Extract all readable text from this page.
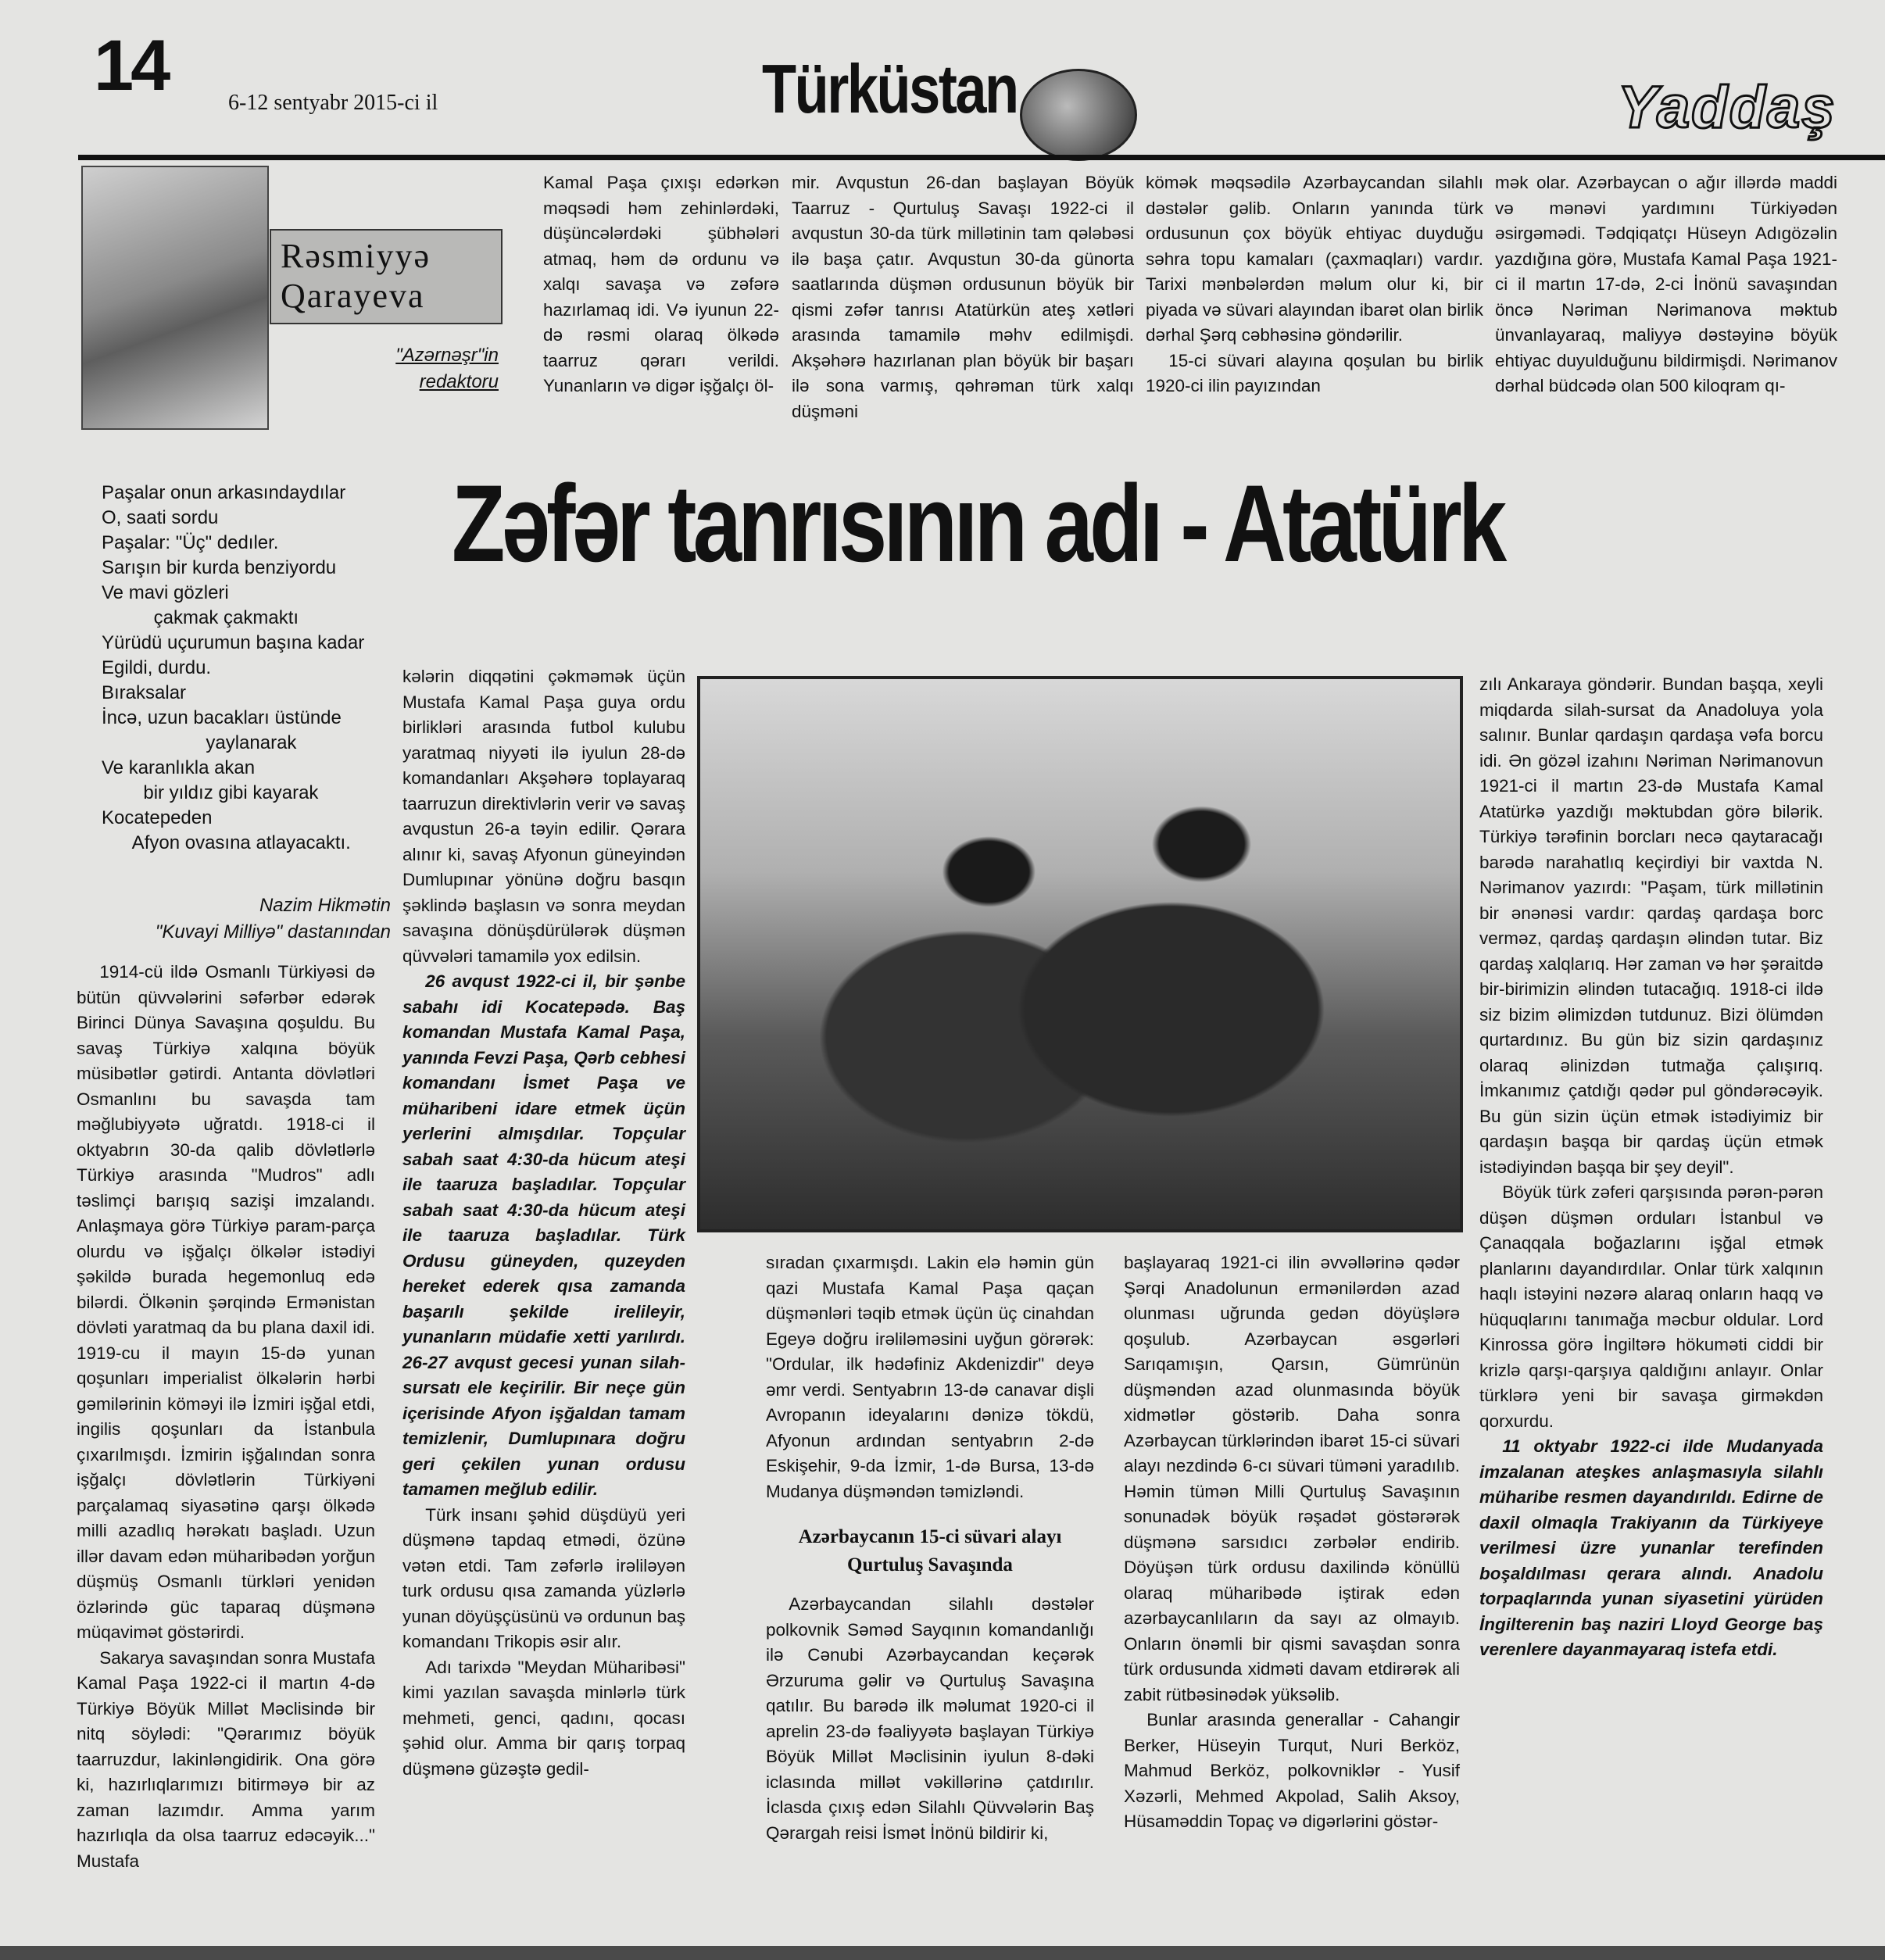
14	6-12 sentyabr 2015-ci il	Türküstan	Yaddaş
Rəsmiyyə
Qarayeva
"Azərnəşr"in
redaktoru

Kamal Paşa çıxışı edərkən məqsədi həm zehinlərdəki, düşüncələrdəki şübhələri atmaq, həm də ordunu və xalqı savaşa və zəfərə hazırlamaq idi. Və iyunun 22-də rəsmi olaraq ölkədə taarruz qərarı verildi. Yunanların və digər işğalçı öl-

mir. Avqustun 26-dan başlayan Böyük Taarruz - Qurtuluş Savaşı 1922-ci il avqustun 30-da türk millətinin tam qələbəsi ilə başa çatır. Avqustun 30-da günorta saatlarında düşmən ordusunun böyük bir qismi zəfər tanrısı Atatürkün ateş xətləri arasında tamamilə məhv edilmişdi. Akşəhərə hazırlanan plan böyük bir başarı ilə sona varmış, qəhrəman türk xalqı düşməni

kömək məqsədilə Azərbaycandan silahlı dəstələr gəlib. Onların yanında türk ordusunun çox böyük ehtiyac duyduğu səhra topu kamaları (çaxmaqları) vardır. Tarixi mənbələrdən məlum olur ki, bir piyada və süvari alayından ibarət olan birlik dərhal Şərq cəbhəsinə göndərilir.

15-ci süvari alayına qoşulan bu birlik 1920-ci ilin payızından

mək olar. Azərbaycan o ağır illərdə maddi və mənəvi yardımını Türkiyədən əsirgəmədi. Tədqiqatçı Hüseyn Adıgözəlin yazdığına görə, Mustafa Kamal Paşa 1921-ci il martın 17-də, 2-ci İnönü savaşından öncə Nəriman Nərimanova məktub ünvanlayaraq, maliyyə dəstəyinə böyük ehtiyac duyulduğunu bildirmişdi. Nərimanov dərhal büdcədə olan 500 kiloqram qı-

Paşalar onun arkasındaydılar
O, saati sordu
Paşalar: "Üç" dedıler.
Sarışın bir kurda benziyordu
Ve mavi gözleri
çakmak çakmaktı
Yürüdü uçurumun başına kadar
Egildi, durdu.
Bıraksalar
İncə, uzun bacakları üstünde
yaylanarak
Ve karanlıkla akan
bir yıldız gibi kayarak
Kocatepeden
Afyon ovasına atlayacaktı.
Nazim Hikmətin
"Kuvayi Milliyə" dastanından
Zəfər tanrısının adı - Atatürk

1914-cü ildə Osmanlı Türkiyəsi də bütün qüvvələrini səfərbər edərək Birinci Dünya Savaşına qoşuldu. Bu savaş Türkiyə xalqına böyük müsibətlər gətirdi. Antanta dövlətləri Osmanlını bu savaşda tam məğlubiyyətə uğratdı. 1918-ci il oktyabrın 30-da qalib dövlətlərlə Türkiyə arasında "Mudros" adlı təslimçi barışıq sazişi imzalandı. Anlaşmaya görə Türkiyə param-parça olurdu və işğalçı ölkələr istədiyi şəkildə burada hegemonluq edə bilərdi. Ölkənin şərqində Ermənistan dövləti yaratmaq da bu plana daxil idi. 1919-cu il mayın 15-də yunan qoşunları imperialist ölkələrin hərbi gəmilərinin köməyi ilə İzmiri işğal etdi, ingilis qoşunları da İstanbula çıxarılmışdı. İzmirin işğalından sonra işğalçı dövlətlərin Türkiyəni parçalamaq siyasətinə qarşı ölkədə milli azadlıq hərəkatı başladı. Uzun illər davam edən müharibədən yorğun düşmüş Osmanlı türkləri yenidən özlərində güc taparaq düşmənə müqavimət göstərirdi.

Sakarya savaşından sonra Mustafa Kamal Paşa 1922-ci il martın 4-də Türkiyə Böyük Millət Məclisində bir nitq söylədi: "Qərarımız böyük taarruzdur, lakinləngidirik. Ona görə ki, hazırlıqlarımızı bitirməyə bir az zaman lazımdır. Amma yarım hazırlıqla da olsa taarruz edəcəyik..." Mustafa

kələrin diqqətini çəkməmək üçün Mustafa Kamal Paşa guya ordu birlikləri arasında futbol kulubu yaratmaq niyyəti ilə iyulun 28-də komandanları Akşəhərə toplayaraq taarruzun direktivlərin verir və savaş avqustun 26-a təyin edilir. Qərara alınır ki, savaş Afyonun güneyindən Dumlupınar yönünə doğru basqın şəklində başlasın və sonra meydan savaşına dönüşdürülərək düşmən qüvvələri tamamilə yox edilsin.

26 avqust 1922-ci il, bir şənbe sabahı idi Kocatepədə. Baş komandan Mustafa Kamal Paşa, yanında Fevzi Paşa, Qərb cebhesi komandanı İsmet Paşa ve müharibeni idare etmek üçün yerlerini almışdılar. Topçular sabah saat 4:30-da hücum ateşi ile taaruza başladılar. Topçular sabah saat 4:30-da hücum ateşi ile taaruza başladılar. Türk Ordusu güneyden, quzeyden hereket ederek qısa zamanda başarılı şekilde irelileyir, yunanların müdafie xetti yarılırdı. 26-27 avqust gecesi yunan silah-sursatı ele keçirilir. Bir neçe gün içerisinde Afyon işğaldan tamam temizlenir, Dumlupınara doğru geri çekilen yunan ordusu tamamen meğlub edilir.

Türk insanı şəhid düşdüyü yeri düşmənə tapdaq etmədi, özünə vətən etdi. Tam zəfərlə irəliləyən turk ordusu qısa zamanda yüzlərlə yunan döyüşçüsünü və ordunun baş komandanı Trikopis əsir alır.

Adı tarixdə "Meydan Müharibəsi" kimi yazılan savaşda minlərlə türk mehmeti, genci, qadını, qocası şəhid olur. Amma bir qarış torpaq düşmənə güzəştə gedil-

sıradan çıxarmışdı. Lakin elə həmin gün qazi Mustafa Kamal Paşa qaçan düşmənləri təqib etmək üçün üç cinahdan Egeyə doğru irəliləməsini uyğun görərək: "Ordular, ilk hədəfiniz Akdenizdir" deyə əmr verdi. Sentyabrın 13-də canavar dişli Avropanın ideyalarını dənizə tökdü, Afyonun ardından sentyabrın 2-də Eskişehir, 9-da İzmir, 1-də Bursa, 13-də Mudanya düşməndən təmizləndi.

Azərbaycanın 15-ci süvari alayı
Qurtuluş Savaşında

Azərbaycandan silahlı dəstələr polkovnik Səməd Sayqının komandanlığı ilə Cənubi Azərbaycandan keçərək Ərzuruma gəlir və Qurtuluş Savaşına qatılır. Bu barədə ilk məlumat 1920-ci il aprelin 23-də fəaliyyətə başlayan Türkiyə Böyük Millət Məclisinin iyulun 8-dəki iclasında millət vəkillərinə çatdırılır. İclasda çıxış edən Silahlı Qüvvələrin Baş Qərargah reisi İsmət İnönü bildirir ki,

başlayaraq 1921-ci ilin əvvəllərinə qədər Şərqi Anadolunun ermənilərdən azad olunması uğrunda gedən döyüşlərə qoşulub. Azərbaycan əsgərləri Sarıqamışın, Qarsın, Gümrünün düşməndən azad olunmasında böyük xidmətlər göstərib. Daha sonra Azərbaycan türklərindən ibarət 15-ci süvari alayı nezdində 6-cı süvari tüməni yaradılıb. Həmin tümən Milli Qurtuluş Savaşının sonunadək böyük rəşadət göstərərək düşmənə sarsıdıcı zərbələr endirib. Döyüşən türk ordusu daxilində könüllü olaraq müharibədə iştirak edən azərbaycanlıların da sayı az olmayıb. Onların önəmli bir qismi savaşdan sonra türk ordusunda xidməti davam etdirərək ali zabit rütbəsinədək yüksəlib.

Bunlar arasında generallar - Cahangir Berker, Hüseyin Turqut, Nuri Berköz, Mahmud Berköz, polkovniklər - Yusif Xəzərli, Mehmed Akpolad, Salih Aksoy, Hüsaməddin Topaç və digərlərini göstər-

zılı Ankaraya göndərir. Bundan başqa, xeyli miqdarda silah-sursat da Anadoluya yola salınır. Bunlar qardaşın qardaşa vəfa borcu idi. Ən gözəl izahını Nəriman Nərimanovun 1921-ci il martın 23-də Mustafa Kamal Atatürkə yazdığı məktubdan görə bilərik. Türkiyə tərəfinin borcları necə qaytaracağı barədə narahatlıq keçirdiyi bir vaxtda N. Nərimanov yazırdı: "Paşam, türk millətinin bir ənənəsi vardır: qardaş qardaşa borc verməz, qardaş qardaşın əlindən tutar. Biz qardaş xalqlarıq. Hər zaman və hər şəraitdə bir-birimizin əlindən tutacağıq. 1918-ci ildə siz bizim əlimizdən tutdunuz. Bizi ölümdən qurtardınız. Bu gün biz sizin qardaşınız olaraq əlinizdən tutmağa çalışırıq. İmkanımız çatdığı qədər pul göndərəcəyik. Bu gün sizin üçün etmək istədiyimiz bir qardaşın başqa bir qardaş üçün etmək istədiyindən başqa bir şey deyil".

Böyük türk zəferi qarşısında pərən-pərən düşən düşmən orduları İstanbul və Çanaqqala boğazlarını işğal etmək planlarını dayandırdılar. Onlar türk xalqının haqlı istəyini nəzərə alaraq onların haqq və hüquqlarını tanımağa məcbur oldular. Lord Kinrossa görə İngiltərə hökuməti ciddi bir krizlə qarşı-qarşıya qaldığını anlayır. Onlar türklərə yeni bir savaşa girməkdən qorxurdu.

11 oktyabr 1922-ci ilde Mudanyada imzalanan ateşkes anlaşmasıyla silahlı müharibe resmen dayandırıldı. Edirne de daxil olmaqla Trakiyanın da Türkiyeye verilmesi üzre yunanlar terefinden boşaldılması qerara alındı. Anadolu torpaqlarında yunan siyasetini yürüden İngilterenin baş naziri Lloyd George baş verenlere dayanmayaraq istefa etdi.
